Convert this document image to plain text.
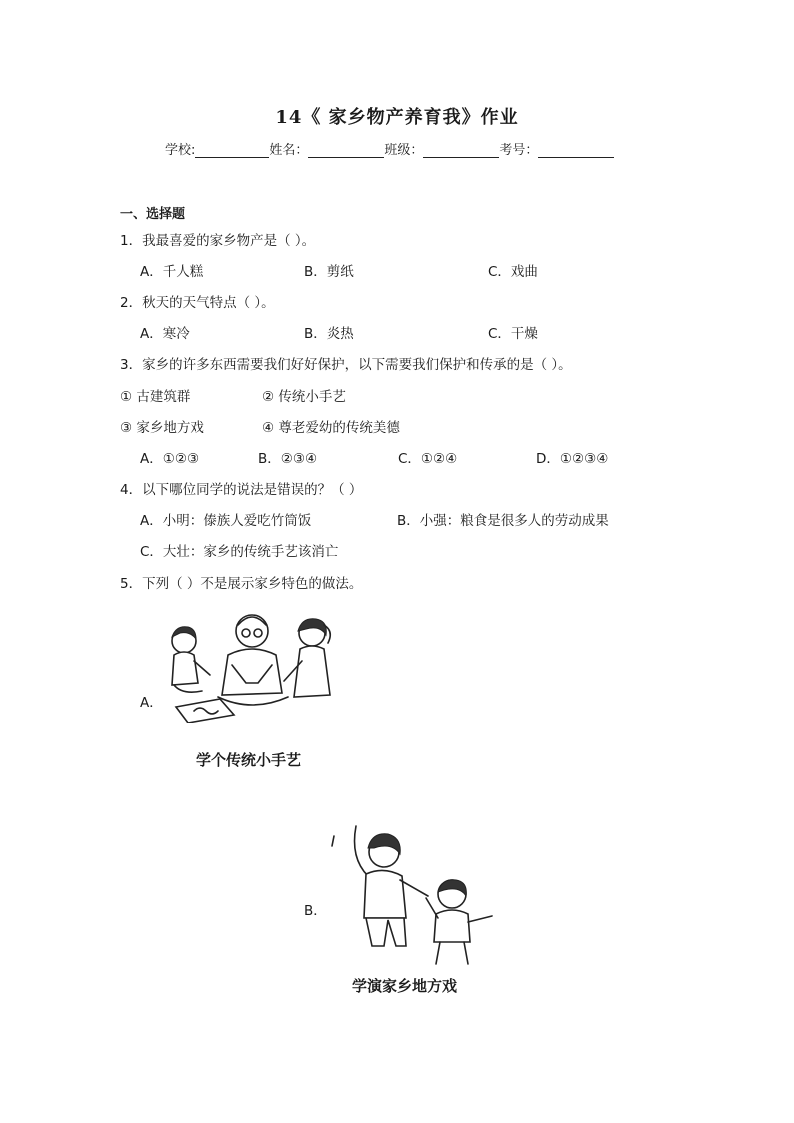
14《 家乡物产养育我》作业
学校:	姓名：	班级：	考号：
一、选择题
1．我最喜爱的家乡物产是（ ）。
A．千人糕	B．剪纸	C．戏曲
2．秋天的天气特点（ ）。
A．寒冷	B．炎热	C．干燥
3．家乡的许多东西需要我们好好保护，以下需要我们保护和传承的是（ ）。
① 古建筑群	② 传统小手艺
③ 家乡地方戏	④ 尊老爱幼的传统美德
A．①②③	B．②③④	C．①②④	D．①②③④
4．以下哪位同学的说法是错误的？（ ）
A．小明：傣族人爱吃竹筒饭	B．小强：粮食是很多人的劳动成果
C．大壮：家乡的传统手艺该消亡
5．下列（ ）不是展示家乡特色的做法。
A．
学个传统小手艺
B．
学演家乡地方戏
